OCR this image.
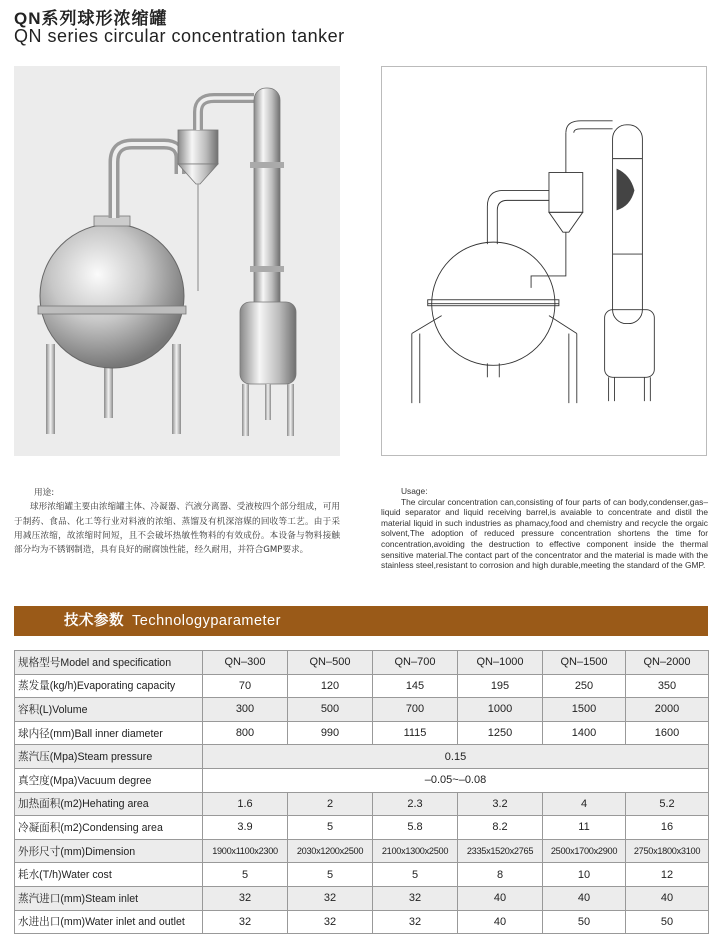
QN系列球形浓缩罐
QN series circular concentration tanker
用途:
球形浓缩罐主要由浓缩罐主体、冷凝器、汽液分离器、受液桉四个部分组成，可用于制药、食品、化工等行业对料液的浓缩、蒸馏及有机深溶媒的回收等工艺。由于采用减压浓缩，故浓缩时间短，且不会破坏热敏性物料的有效成份。本设备与物料接触部分均为不锈钢制造，具有良好的耐腐蚀性能，经久耐用，并符合GMP要求。
Usage:
The circular concentration can,consisting of four parts of can body,condenser,gas–liquid separator and liquid receiving barrel,is avaiable to concentrate and distil the material liquid in such industries as phamacy,food and chemistry and recycle the orgaic solvent,The adoption of reduced pressure concentration shortens the time for concentration,avoiding the destruction to effective component inside the thermal sensitive material.The contact part of the concentrator and the material is made with the stainless steel,resistant to corrosion and high durable,meeting the standard of the GMP.
技术参数 Technologyparameter
规格型号Model and specification	QN–300	QN–500	QN–700	QN–1000	QN–1500	QN–2000
蒸发量(kg/h)Evaporating capacity	70	120	145	195	250	350
容积(L)Volume	300	500	700	1000	1500	2000
球内径(mm)Ball inner diameter	800	990	1115	1250	1400	1600
蒸汽压(Mpa)Steam pressure	0.15					
真空度(Mpa)Vacuum degree	–0.05~–0.08					
加热面积(m2)Hehating area	1.6	2	2.3	3.2	4	5.2
冷凝面积(m2)Condensing area	3.9	5	5.8	8.2	11	16
外形尺寸(mm)Dimension	1900x1100x2300	2030x1200x2500	2100x1300x2500	2335x1520x2765	2500x1700x2900	2750x1800x3100
耗水(T/h)Water cost	5	5	5	8	10	12
蒸汽进口(mm)Steam inlet	32	32	32	40	40	40
水进出口(mm)Water inlet and outlet	32	32	32	40	50	50
